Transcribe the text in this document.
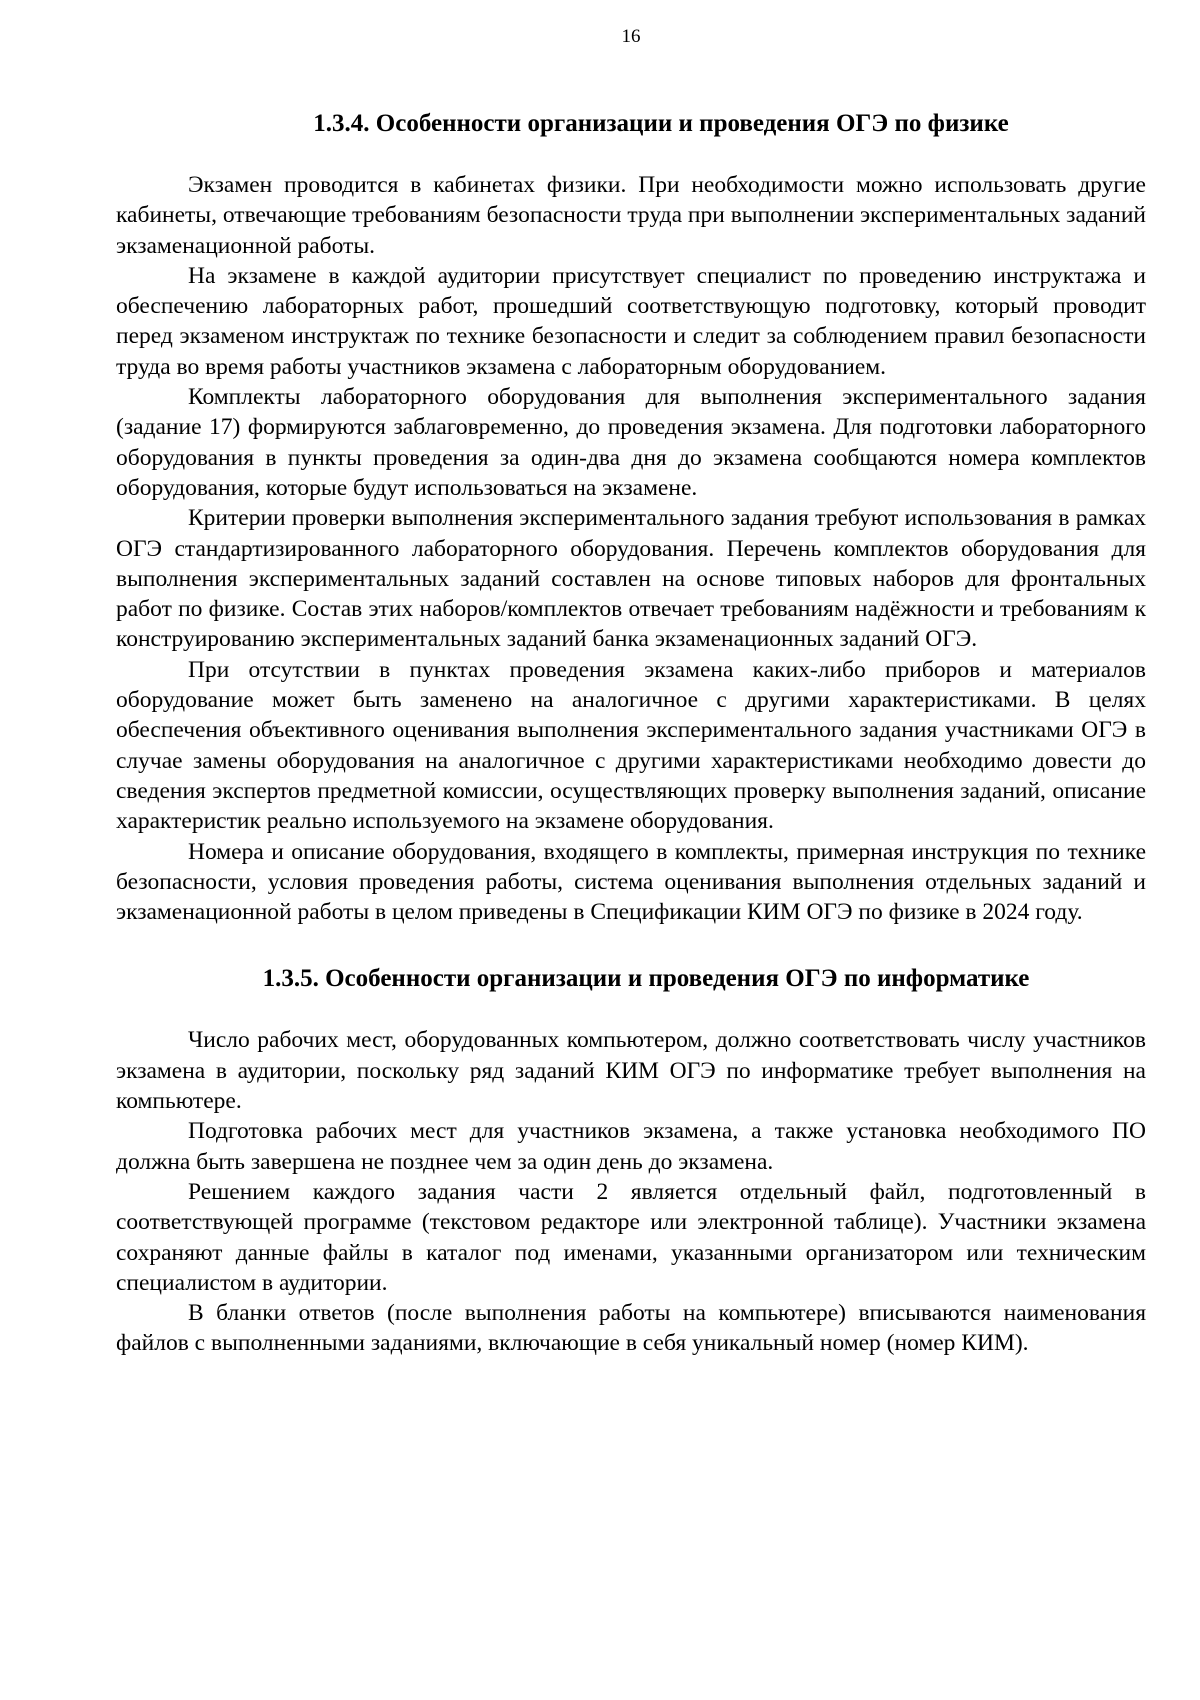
16
1.3.4. Особенности организации и проведения ОГЭ по физике

Экзамен проводится в кабинетах физики. При необходимости можно использовать другие кабинеты, отвечающие требованиям безопасности труда при выполнении экспериментальных заданий экзаменационной работы.

На экзамене в каждой аудитории присутствует специалист по проведению инструктажа и обеспечению лабораторных работ, прошедший соответствующую подготовку, который проводит перед экзаменом инструктаж по технике безопасности и следит за соблюдением правил безопасности труда во время работы участников экзамена с лабораторным оборудованием.

Комплекты лабораторного оборудования для выполнения экспериментального задания (задание 17) формируются заблаговременно, до проведения экзамена. Для подготовки лабораторного оборудования в пункты проведения за один-два дня до экзамена сообщаются номера комплектов оборудования, которые будут использоваться на экзамене.

Критерии проверки выполнения экспериментального задания требуют использования в рамках ОГЭ стандартизированного лабораторного оборудования. Перечень комплектов оборудования для выполнения экспериментальных заданий составлен на основе типовых наборов для фронтальных работ по физике. Состав этих наборов/комплектов отвечает требованиям надёжности и требованиям к конструированию экспериментальных заданий банка экзаменационных заданий ОГЭ.

При отсутствии в пунктах проведения экзамена каких-либо приборов и материалов оборудование может быть заменено на аналогичное с другими характеристиками. В целях обеспечения объективного оценивания выполнения экспериментального задания участниками ОГЭ в случае замены оборудования на аналогичное с другими характеристиками необходимо довести до сведения экспертов предметной комиссии, осуществляющих проверку выполнения заданий, описание характеристик реально используемого на экзамене оборудования.

Номера и описание оборудования, входящего в комплекты, примерная инструкция по технике безопасности, условия проведения работы, система оценивания выполнения отдельных заданий и экзаменационной работы в целом приведены в Спецификации КИМ ОГЭ по физике в 2024 году.

1.3.5. Особенности организации и проведения ОГЭ по информатике

Число рабочих мест, оборудованных компьютером, должно соответствовать числу участников экзамена в аудитории, поскольку ряд заданий КИМ ОГЭ по информатике требует выполнения на компьютере.

Подготовка рабочих мест для участников экзамена, а также установка необходимого ПО должна быть завершена не позднее чем за один день до экзамена.

Решением каждого задания части 2 является отдельный файл, подготовленный в соответствующей программе (текстовом редакторе или электронной таблице). Участники экзамена сохраняют данные файлы в каталог под именами, указанными организатором или техническим специалистом в аудитории.

В бланки ответов (после выполнения работы на компьютере) вписываются наименования файлов с выполненными заданиями, включающие в себя уникальный номер (номер КИМ).
